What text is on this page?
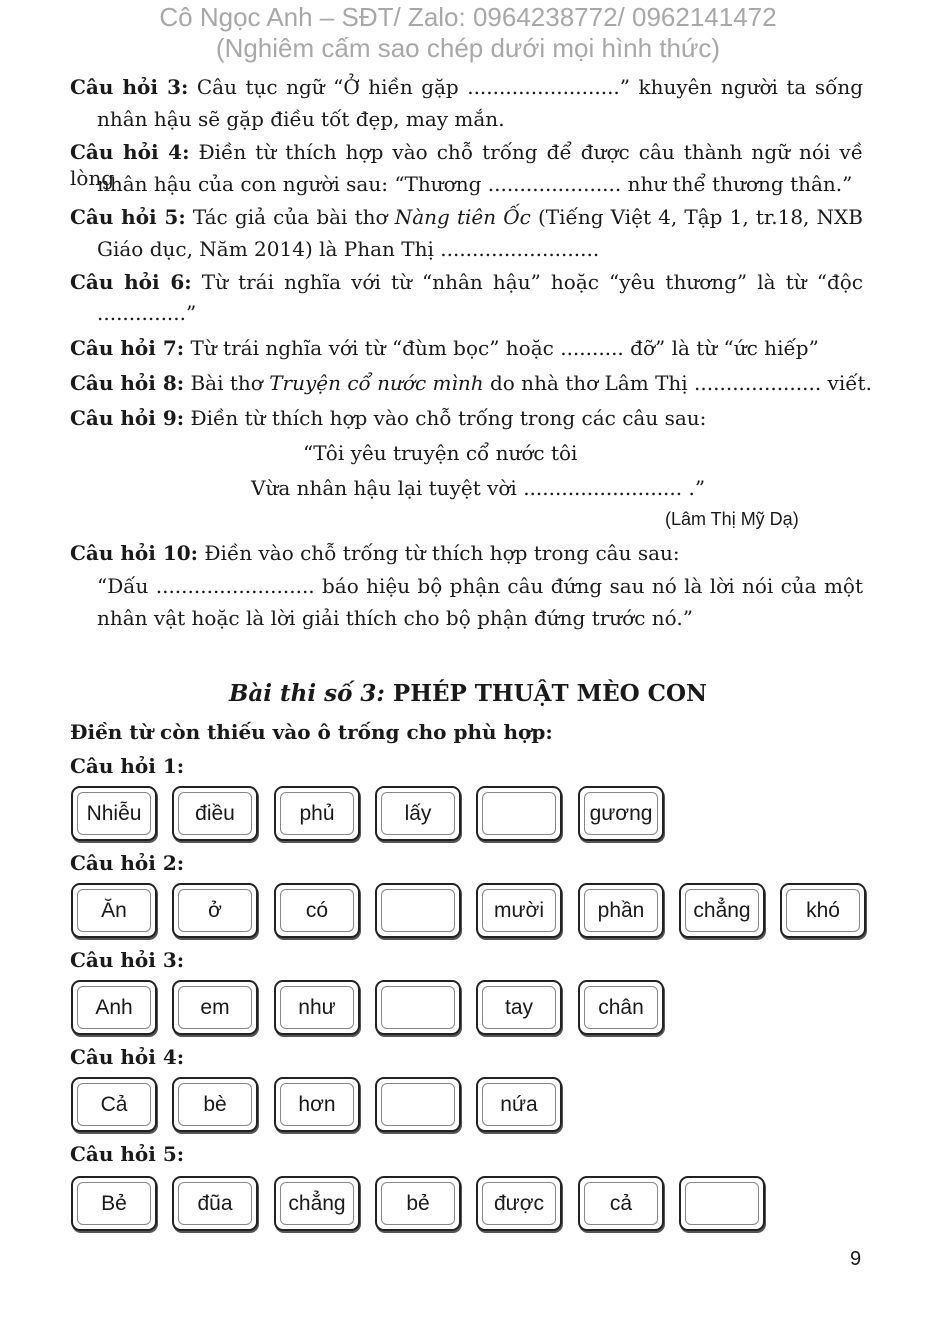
Cô Ngọc Anh – SĐT/ Zalo: 0964238772/ 0962141472
(Nghiêm cấm sao chép dưới mọi hình thức)
Câu hỏi 3: Câu tục ngữ “Ở hiền gặp ........................” khuyên người ta sống
nhân hậu sẽ gặp điều tốt đẹp, may mắn.
Câu hỏi 4: Điền từ thích hợp vào chỗ trống để được câu thành ngữ nói về lòng
nhân hậu của con người sau: “Thương ..................... như thể thương thân.”
Câu hỏi 5: Tác giả của bài thơ Nàng tiên Ốc (Tiếng Việt 4, Tập 1, tr.18, NXB
Giáo dục, Năm 2014) là Phan Thị .........................
Câu hỏi 6: Từ trái nghĩa với từ “nhân hậu” hoặc “yêu thương” là từ “độc
..............”
Câu hỏi 7: Từ trái nghĩa với từ “đùm bọc” hoặc .......... đỡ” là từ “ức hiếp”
Câu hỏi 8: Bài thơ Truyện cổ nước mình do nhà thơ Lâm Thị .................... viết.
Câu hỏi 9: Điền từ thích hợp vào chỗ trống trong các câu sau:
“Tôi yêu truyện cổ nước tôi
Vừa nhân hậu lại tuyệt vời ......................... .”
(Lâm Thị Mỹ Dạ)
Câu hỏi 10: Điền vào chỗ trống từ thích hợp trong câu sau:
“Dấu ......................... báo hiệu bộ phận câu đứng sau nó là lời nói của một
nhân vật hoặc là lời giải thích cho bộ phận đứng trước nó.”
Bài thi số 3: PHÉP THUẬT MÈO CON
Điền từ còn thiếu vào ô trống cho phù hợp:
Câu hỏi 1:
Nhiễu	điều	phủ	lấy	gương
Câu hỏi 2:
Ăn	ở	có	mười	phần	chẳng	khó
Câu hỏi 3:
Anh	em	như	tay	chân
Câu hỏi 4:
Cả	bè	hơn	nứa
Câu hỏi 5:
Bẻ	đũa	chẳng	bẻ	được	cả
9
